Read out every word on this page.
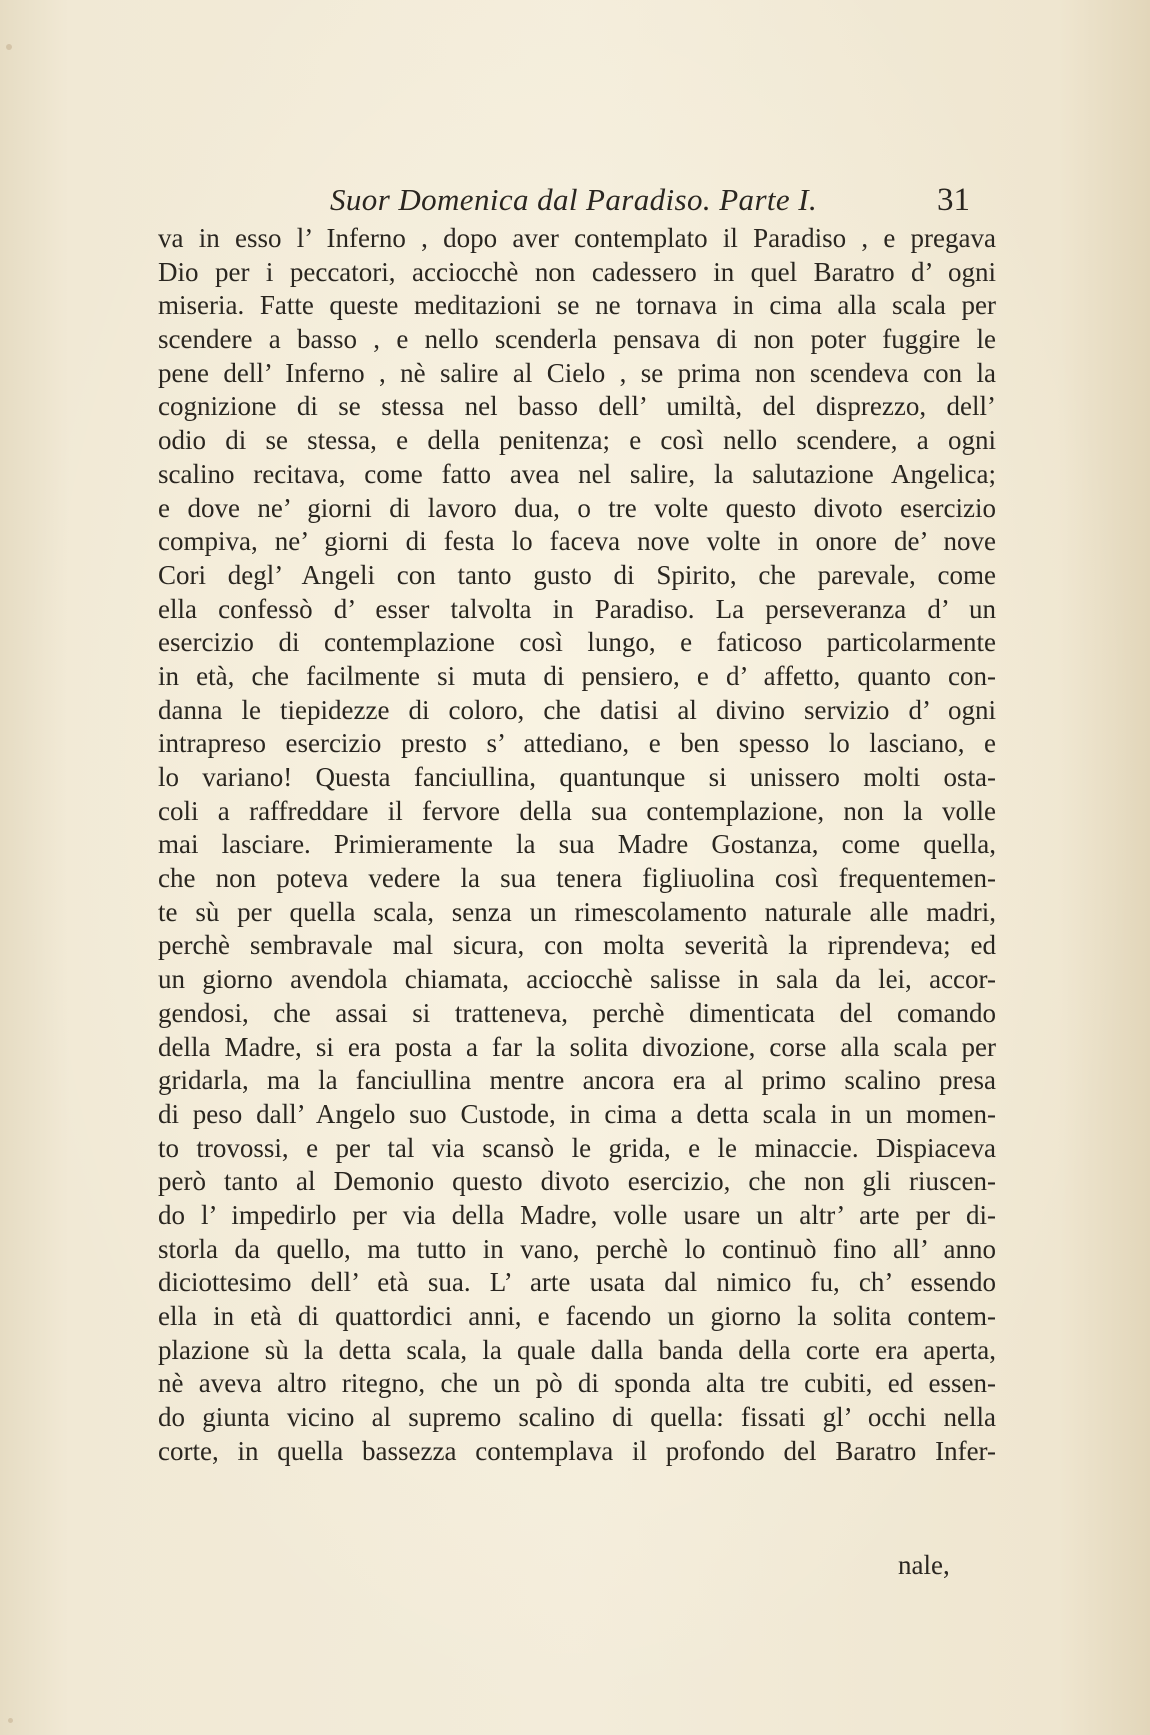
Suor Domenica dal Paradiso. Parte I.	31
va in esso l’ Inferno , dopo aver contemplato il Paradiso , e pregava
Dio per i peccatori, acciocchè non cadessero in quel Baratro d’ ogni
miseria. Fatte queste meditazioni se ne tornava in cima alla scala per
scendere a basso , e nello scenderla pensava di non poter fuggire le
pene dell’ Inferno , nè salire al Cielo , se prima non scendeva con la
cognizione di se stessa nel basso dell’ umiltà, del disprezzo, dell’
odio di se stessa, e della penitenza; e così nello scendere, a ogni
scalino recitava, come fatto avea nel salire, la salutazione Angelica;
e dove ne’ giorni di lavoro dua, o tre volte questo divoto esercizio
compiva, ne’ giorni di festa lo faceva nove volte in onore de’ nove
Cori degl’ Angeli con tanto gusto di Spirito, che parevale, come
ella confessò d’ esser talvolta in Paradiso. La perseveranza d’ un
esercizio di contemplazione così lungo, e faticoso particolarmente
in età, che facilmente si muta di pensiero, e d’ affetto, quanto con-
danna le tiepidezze di coloro, che datisi al divino servizio d’ ogni
intrapreso esercizio presto s’ attediano, e ben spesso lo lasciano, e
lo variano! Questa fanciullina, quantunque si unissero molti osta-
coli a raffreddare il fervore della sua contemplazione, non la volle
mai lasciare. Primieramente la sua Madre Gostanza, come quella,
che non poteva vedere la sua tenera figliuolina così frequentemen-
te sù per quella scala, senza un rimescolamento naturale alle madri,
perchè sembravale mal sicura, con molta severità la riprendeva; ed
un giorno avendola chiamata, acciocchè salisse in sala da lei, accor-
gendosi, che assai si tratteneva, perchè dimenticata del comando
della Madre, si era posta a far la solita divozione, corse alla scala per
gridarla, ma la fanciullina mentre ancora era al primo scalino presa
di peso dall’ Angelo suo Custode, in cima a detta scala in un momen-
to trovossi, e per tal via scansò le grida, e le minaccie. Dispiaceva
però tanto al Demonio questo divoto esercizio, che non gli riuscen-
do l’ impedirlo per via della Madre, volle usare un altr’ arte per di-
storla da quello, ma tutto in vano, perchè lo continuò fino all’ anno
diciottesimo dell’ età sua. L’ arte usata dal nimico fu, ch’ essendo
ella in età di quattordici anni, e facendo un giorno la solita contem-
plazione sù la detta scala, la quale dalla banda della corte era aperta,
nè aveva altro ritegno, che un pò di sponda alta tre cubiti, ed essen-
do giunta vicino al supremo scalino di quella: fissati gl’ occhi nella
corte, in quella bassezza contemplava il profondo del Baratro Infer-
nale,
